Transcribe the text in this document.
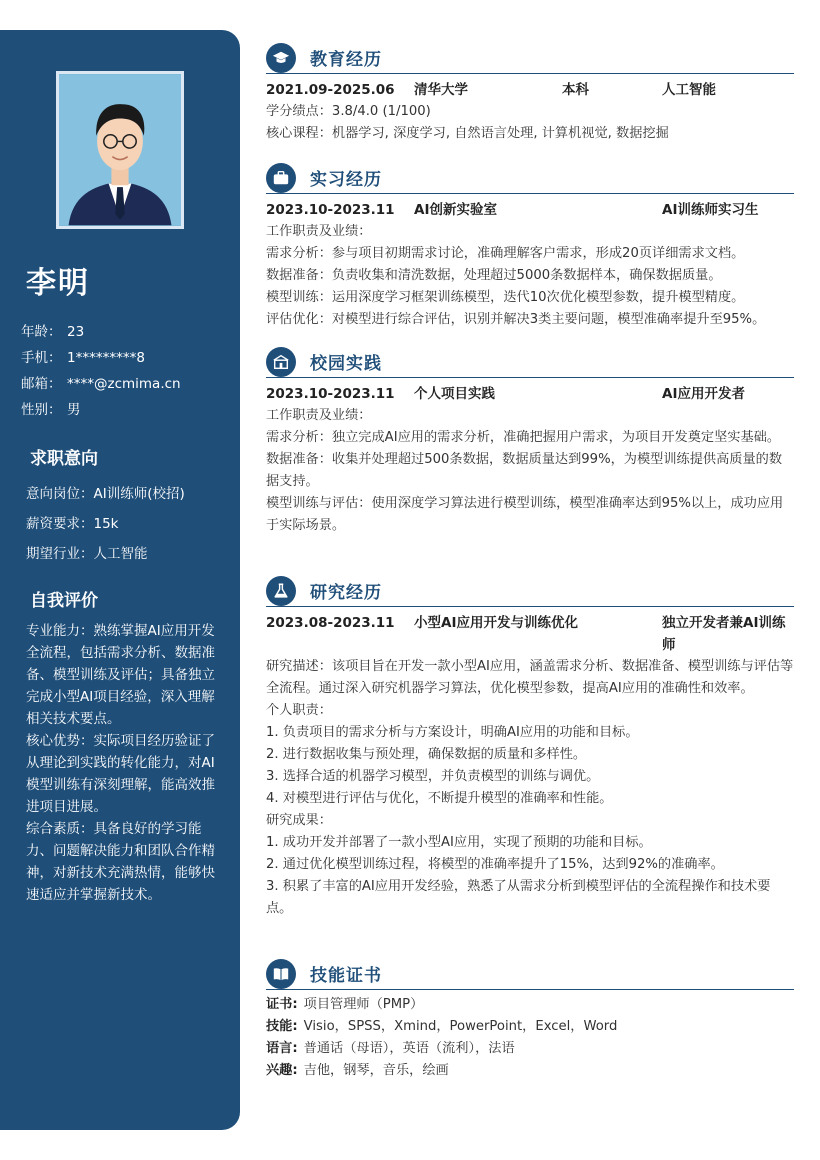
李明
年龄： 23
手机： 1*********8
邮箱： ****@zcmima.cn
性别： 男
求职意向
意向岗位：AI训练师(校招)
薪资要求：15k
期望行业：人工智能
自我评价

专业能力：熟练掌握AI应用开发全流程，包括需求分析、数据准备、模型训练及评估；具备独立完成小型AI项目经验，深入理解相关技术要点。

核心优势：实际项目经历验证了从理论到实践的转化能力，对AI模型训练有深刻理解，能高效推进项目进展。

综合素质：具备良好的学习能力、问题解决能力和团队合作精神，对新技术充满热情，能够快速适应并掌握新技术。

教育经历
2021.09-2025.06	清华大学	本科	人工智能
学分绩点：3.8/4.0 (1/100)
核心课程：机器学习, 深度学习, 自然语言处理, 计算机视觉, 数据挖掘
实习经历
2023.10-2023.11	AI创新实验室	AI训练师实习生
工作职责及业绩：
需求分析：参与项目初期需求讨论，准确理解客户需求，形成20页详细需求文档。
数据准备：负责收集和清洗数据，处理超过5000条数据样本，确保数据质量。
模型训练：运用深度学习框架训练模型，迭代10次优化模型参数，提升模型精度。
评估优化：对模型进行综合评估，识别并解决3类主要问题，模型准确率提升至95%。
校园实践
2023.10-2023.11	个人项目实践	AI应用开发者
工作职责及业绩：
需求分析：独立完成AI应用的需求分析，准确把握用户需求，为项目开发奠定坚实基础。
数据准备：收集并处理超过500条数据，数据质量达到99%，为模型训练提供高质量的数据支持。
模型训练与评估：使用深度学习算法进行模型训练，模型准确率达到95%以上，成功应用于实际场景。
研究经历
2023.08-2023.11	小型AI应用开发与训练优化	独立开发者兼AI训练师
研究描述：该项目旨在开发一款小型AI应用，涵盖需求分析、数据准备、模型训练与评估等全流程。通过深入研究机器学习算法，优化模型参数，提高AI应用的准确性和效率。
个人职责：
1. 负责项目的需求分析与方案设计，明确AI应用的功能和目标。
2. 进行数据收集与预处理，确保数据的质量和多样性。
3. 选择合适的机器学习模型，并负责模型的训练与调优。
4. 对模型进行评估与优化，不断提升模型的准确率和性能。
研究成果：
1. 成功开发并部署了一款小型AI应用，实现了预期的功能和目标。
2. 通过优化模型训练过程，将模型的准确率提升了15%，达到92%的准确率。
3. 积累了丰富的AI应用开发经验，熟悉了从需求分析到模型评估的全流程操作和技术要点。
技能证书
证书: 项目管理师（PMP）
技能: Visio，SPSS，Xmind，PowerPoint，Excel，Word
语言: 普通话（母语），英语（流利），法语
兴趣: 吉他，钢琴，音乐，绘画
